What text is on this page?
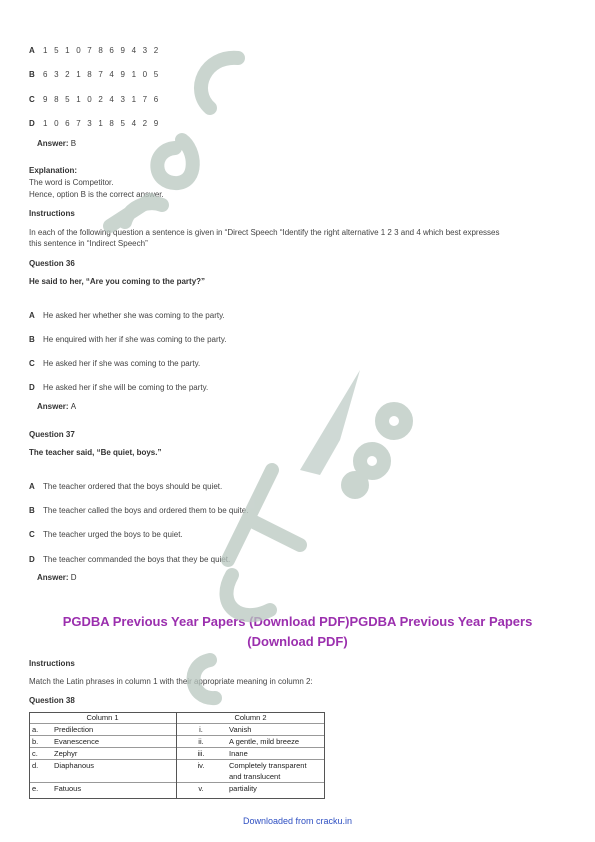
A 1 5 1 0 7 8 6 9 4 3 2
B 6 3 2 1 8 7 4 9 1 0 5
C 9 8 5 1 0 2 4 3 1 7 6
D 1 0 6 7 3 1 8 5 4 2 9
Answer: B
Explanation:
The word is Competitor.
Hence, option B is the correct answer.
Instructions
In each of the following question a sentence is given in “Direct Speech “Identify the right alternative 1 2 3 and 4 which best expresses
this sentence in “Indirect Speech”
Question 36
He said to her, “Are you coming to the party?”
A He asked her whether she was coming to the party.
B He enquired with her if she was coming to the party.
C He asked her if she was coming to the party.
D He asked her if she will be coming to the party.
Answer: A
Question 37
The teacher said, “Be quiet, boys.”
A The teacher ordered that the boys should be quiet.
B The teacher called the boys and ordered them to be quite.
C The teacher urged the boys to be quiet.
D The teacher commanded the boys that they be quiet.
Answer: D
PGDBA Previous Year Papers (Download PDF)PGDBA Previous Year Papers
(Download PDF)
Instructions
Match the Latin phrases in column 1 with their appropriate meaning in column 2:
Question 38
Column 1		Column 2	
a.	Predilection	i.	Vanish
b.	Evanescence	ii.	A gentle, mild breeze
c.	Zephyr	iii.	Inane
d.	Diaphanous	iv.	Completely transparent
			and translucent
e.	Fatuous	v.	partiality
Downloaded from cracku.in
